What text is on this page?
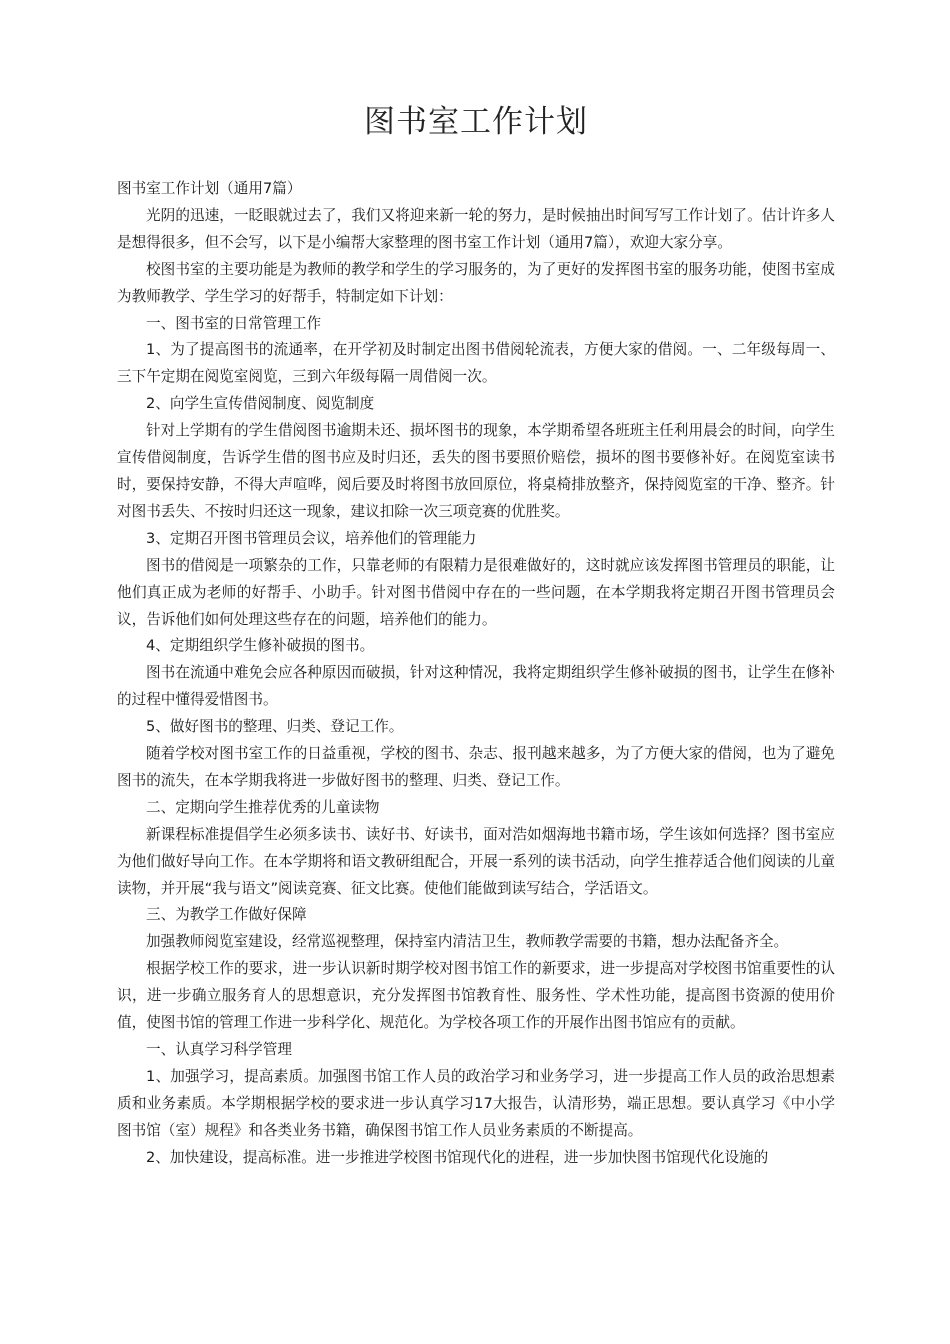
图书室工作计划

图书室工作计划（通用7篇）

光阴的迅速，一眨眼就过去了，我们又将迎来新一轮的努力，是时候抽出时间写写工作计划了。估计许多人是想得很多，但不会写，以下是小编帮大家整理的图书室工作计划（通用7篇），欢迎大家分享。

校图书室的主要功能是为教师的教学和学生的学习服务的，为了更好的发挥图书室的服务功能，使图书室成为教师教学、学生学习的好帮手，特制定如下计划：

一、图书室的日常管理工作

1、为了提高图书的流通率，在开学初及时制定出图书借阅轮流表，方便大家的借阅。一、二年级每周一、三下午定期在阅览室阅览，三到六年级每隔一周借阅一次。

2、向学生宣传借阅制度、阅览制度

针对上学期有的学生借阅图书逾期未还、损坏图书的现象，本学期希望各班班主任利用晨会的时间，向学生宣传借阅制度，告诉学生借的图书应及时归还，丢失的图书要照价赔偿，损坏的图书要修补好。在阅览室读书时，要保持安静，不得大声喧哗，阅后要及时将图书放回原位，将桌椅排放整齐，保持阅览室的干净、整齐。针对图书丢失、不按时归还这一现象，建议扣除一次三项竞赛的优胜奖。

3、定期召开图书管理员会议，培养他们的管理能力

图书的借阅是一项繁杂的工作，只靠老师的有限精力是很难做好的，这时就应该发挥图书管理员的职能，让他们真正成为老师的好帮手、小助手。针对图书借阅中存在的一些问题，在本学期我将定期召开图书管理员会议，告诉他们如何处理这些存在的问题，培养他们的能力。

4、定期组织学生修补破损的图书。

图书在流通中难免会应各种原因而破损，针对这种情况，我将定期组织学生修补破损的图书，让学生在修补的过程中懂得爱惜图书。

5、做好图书的整理、归类、登记工作。

随着学校对图书室工作的日益重视，学校的图书、杂志、报刊越来越多，为了方便大家的借阅，也为了避免图书的流失，在本学期我将进一步做好图书的整理、归类、登记工作。

二、定期向学生推荐优秀的儿童读物

新课程标准提倡学生必须多读书、读好书、好读书，面对浩如烟海地书籍市场，学生该如何选择？图书室应为他们做好导向工作。在本学期将和语文教研组配合，开展一系列的读书活动，向学生推荐适合他们阅读的儿童读物，并开展“我与语文”阅读竞赛、征文比赛。使他们能做到读写结合，学活语文。

三、为教学工作做好保障

加强教师阅览室建设，经常巡视整理，保持室内清洁卫生，教师教学需要的书籍，想办法配备齐全。

根据学校工作的要求，进一步认识新时期学校对图书馆工作的新要求，进一步提高对学校图书馆重要性的认识，进一步确立服务育人的思想意识，充分发挥图书馆教育性、服务性、学术性功能，提高图书资源的使用价值，使图书馆的管理工作进一步科学化、规范化。为学校各项工作的开展作出图书馆应有的贡献。

一、认真学习科学管理

1、加强学习，提高素质。加强图书馆工作人员的政治学习和业务学习，进一步提高工作人员的政治思想素质和业务素质。本学期根据学校的要求进一步认真学习17大报告，认清形势，端正思想。要认真学习《中小学图书馆（室）规程》和各类业务书籍，确保图书馆工作人员业务素质的不断提高。

2、加快建设，提高标准。进一步推进学校图书馆现代化的进程，进一步加快图书馆现代化设施的
